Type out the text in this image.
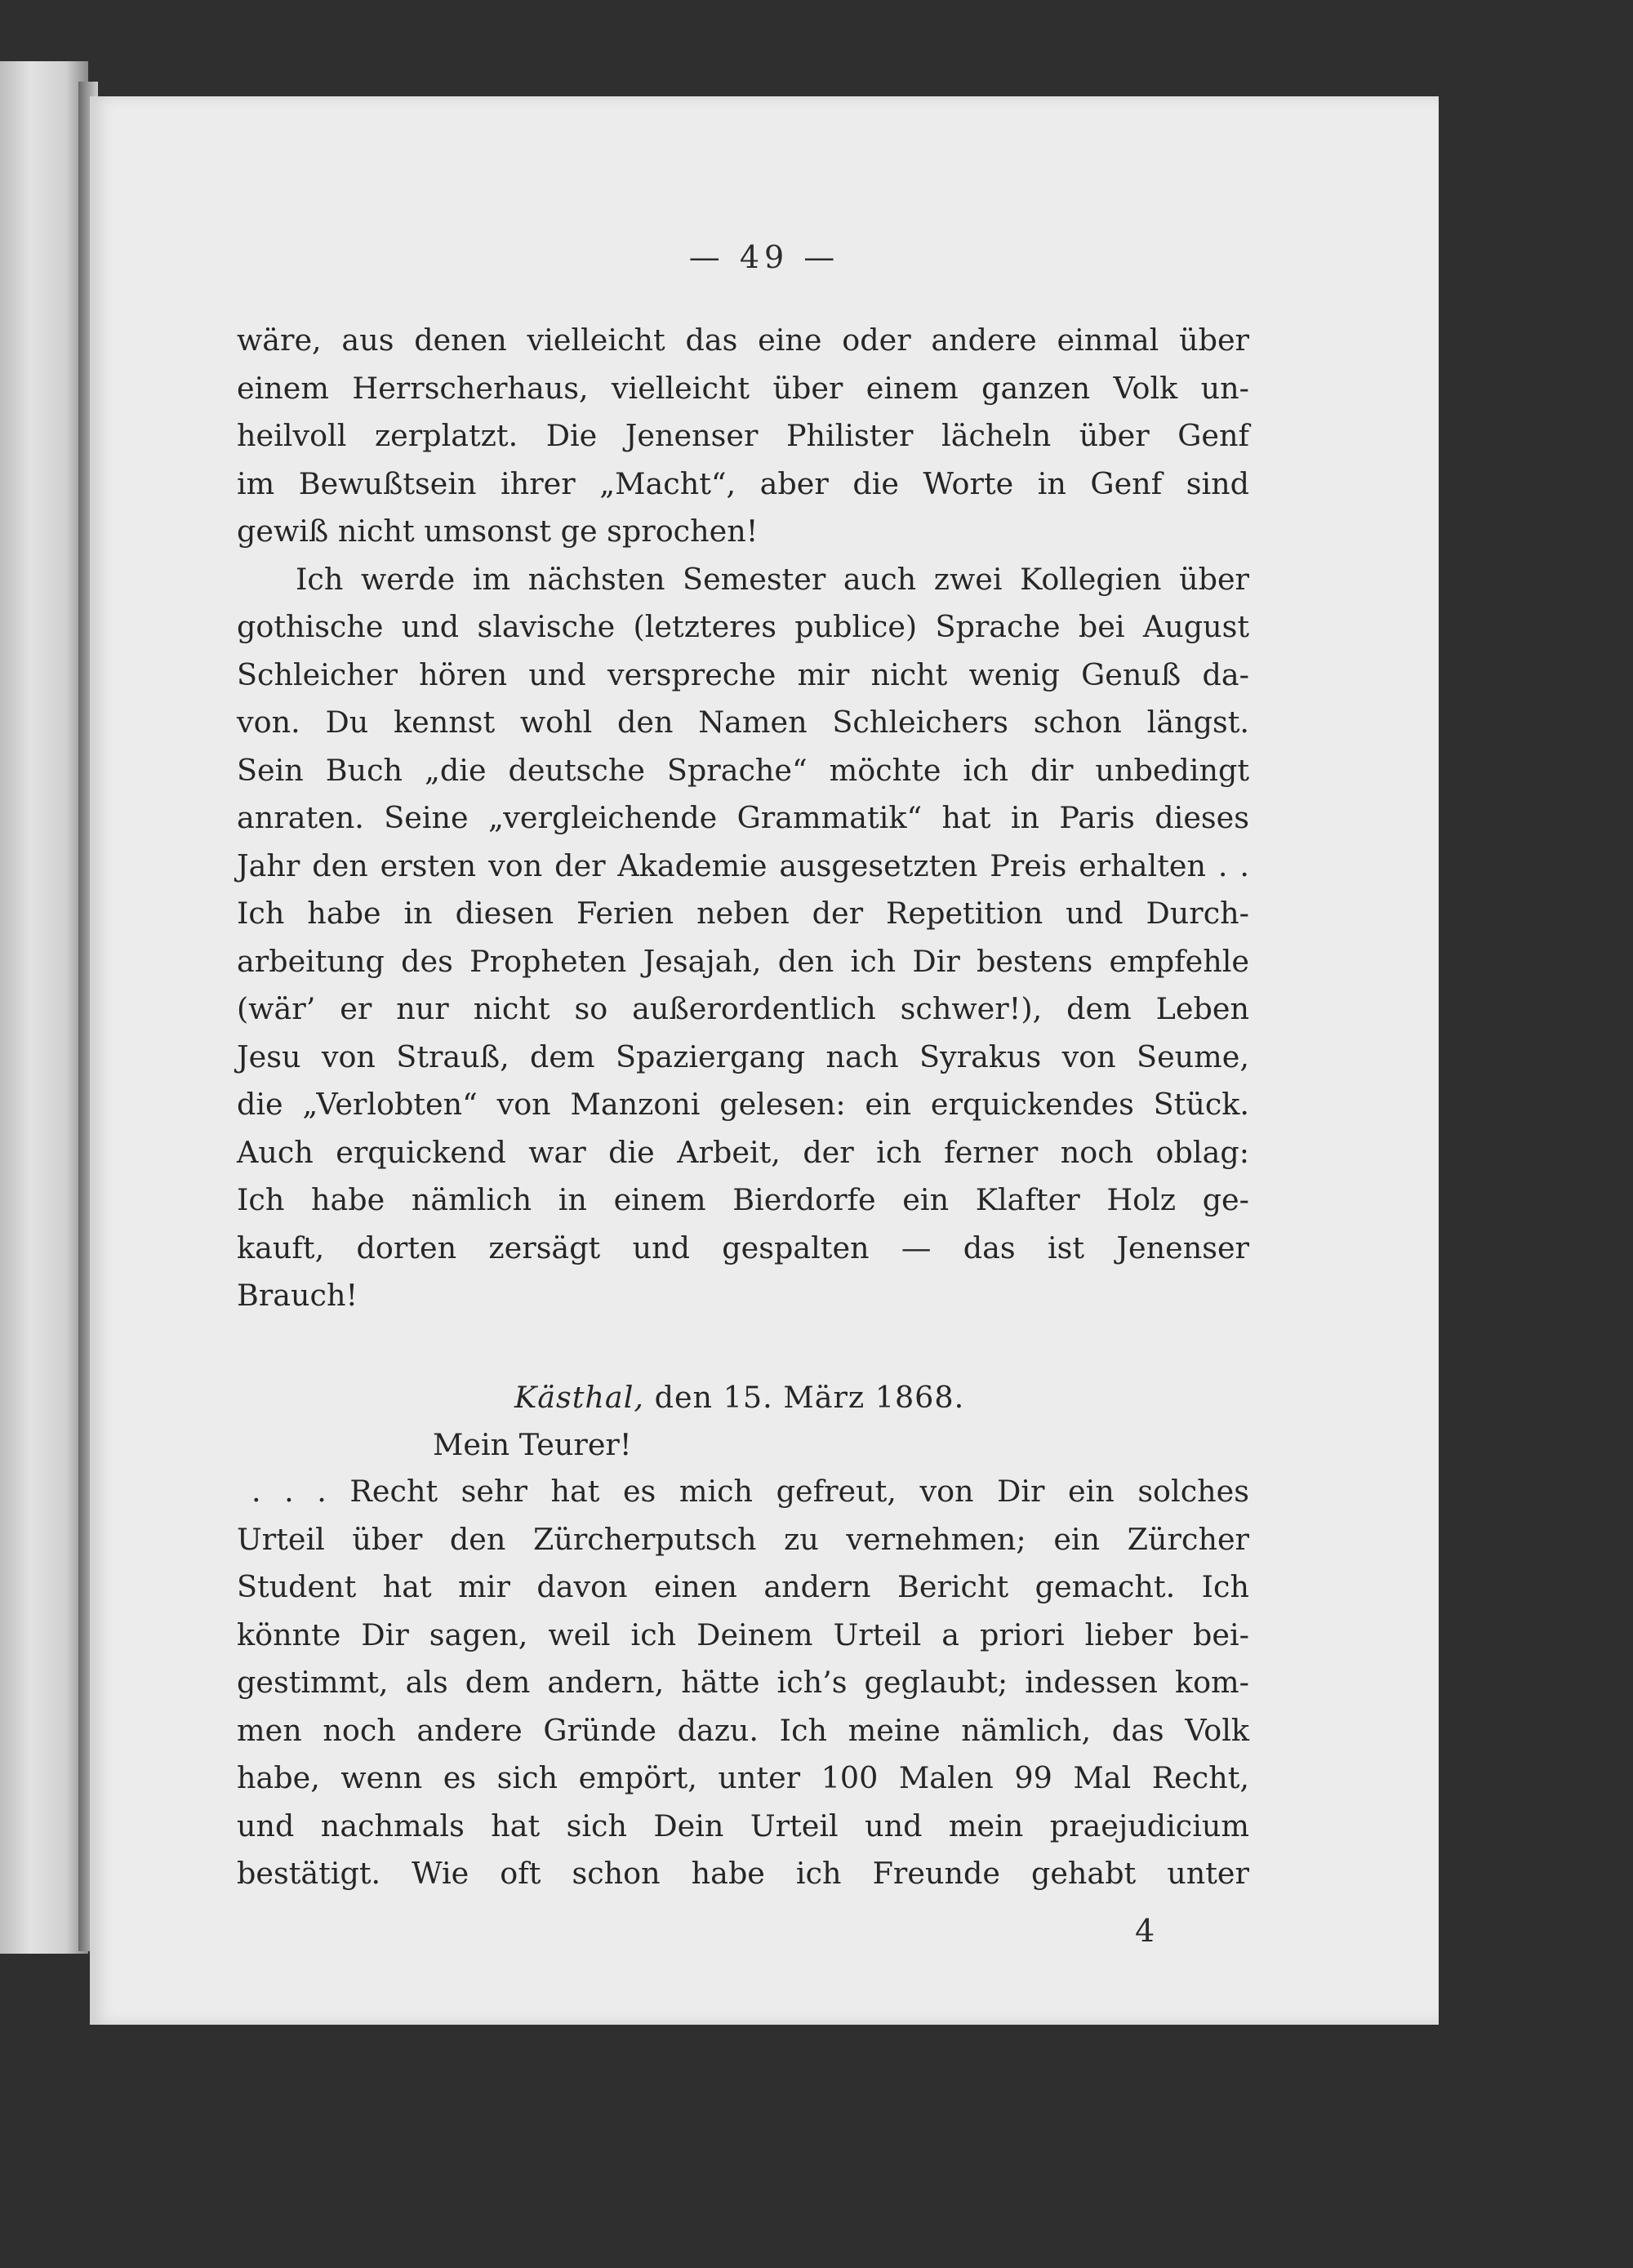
— 49 —
wäre, aus denen vielleicht das eine oder andere einmal über
einem Herrscherhaus, vielleicht über einem ganzen Volk un-
heilvoll zerplatzt. Die Jenenser Philister lächeln über Genf
im Bewußtsein ihrer „Macht“, aber die Worte in Genf sind
gewiß nicht umsonst ge sprochen!
Ich werde im nächsten Semester auch zwei Kollegien über
gothische und slavische (letzteres publice) Sprache bei August
Schleicher hören und verspreche mir nicht wenig Genuß da-
von. Du kennst wohl den Namen Schleichers schon längst.
Sein Buch „die deutsche Sprache“ möchte ich dir unbedingt
anraten. Seine „vergleichende Grammatik“ hat in Paris dieses
Jahr den ersten von der Akademie ausgesetzten Preis erhalten . .
Ich habe in diesen Ferien neben der Repetition und Durch-
arbeitung des Propheten Jesajah, den ich Dir bestens empfehle
(wär’ er nur nicht so außerordentlich schwer!), dem Leben
Jesu von Strauß, dem Spaziergang nach Syrakus von Seume,
die „Verlobten“ von Manzoni gelesen: ein erquickendes Stück.
Auch erquickend war die Arbeit, der ich ferner noch oblag:
Ich habe nämlich in einem Bierdorfe ein Klafter Holz ge-
kauft, dorten zersägt und gespalten — das ist Jenenser
Brauch!
Kästhal, den 15. März 1868.
Mein Teurer!
. . . Recht sehr hat es mich gefreut, von Dir ein solches
Urteil über den Zürcherputsch zu vernehmen; ein Zürcher
Student hat mir davon einen andern Bericht gemacht. Ich
könnte Dir sagen, weil ich Deinem Urteil a priori lieber bei-
gestimmt, als dem andern, hätte ich’s geglaubt; indessen kom-
men noch andere Gründe dazu. Ich meine nämlich, das Volk
habe, wenn es sich empört, unter 100 Malen 99 Mal Recht,
und nachmals hat sich Dein Urteil und mein praejudicium
bestätigt. Wie oft schon habe ich Freunde gehabt unter
4
